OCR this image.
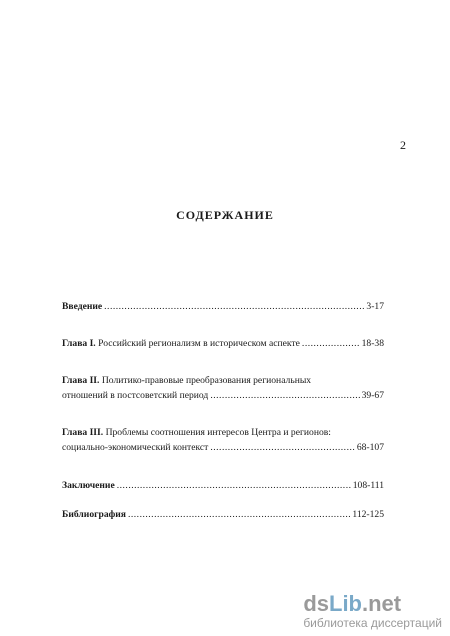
2
СОДЕРЖАНИЕ
Введение .....	3-17
Глава I. Российский регионализм в историческом аспекте .....	18-38
Глава II. Политико-правовые преобразования региональных
отношений в постсоветский период .....	39-67
Глава III. Проблемы соотношения интересов Центра и регионов:
социально-экономический контекст .....	68-107
Заключение .....	108-111
Библиография .....	112-125
dsLib.net
библиотека диссертаций
